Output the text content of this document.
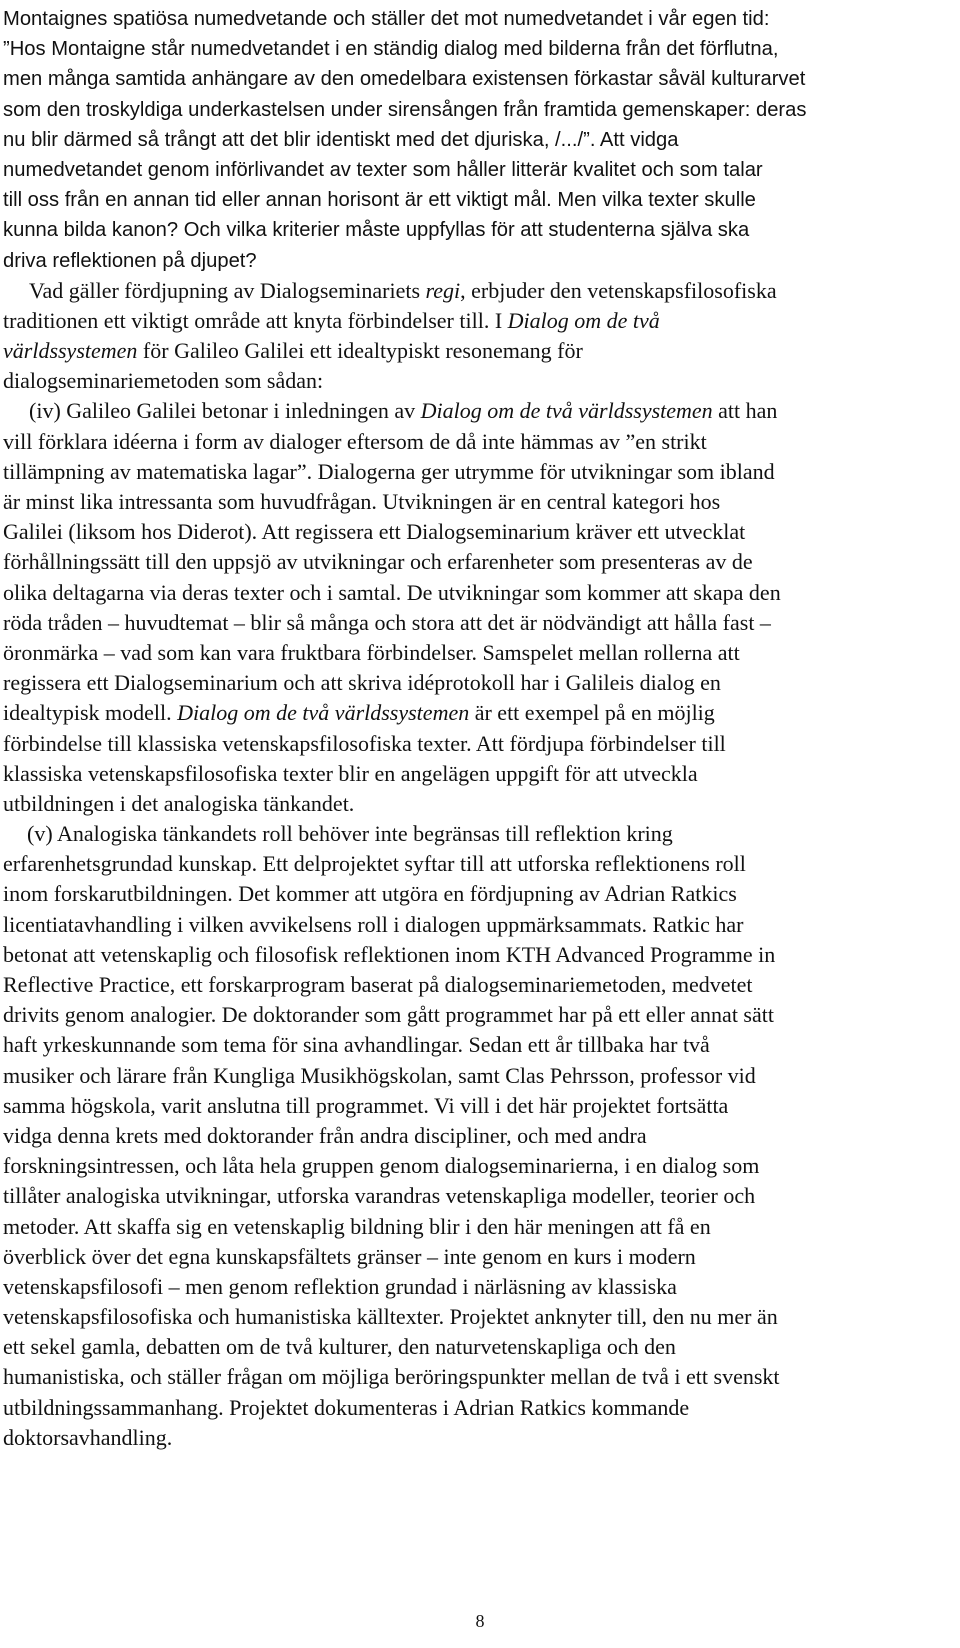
Montaignes spatiösa numedvetande och ställer det mot numedvetandet i vår egen tid:
”Hos Montaigne står numedvetandet i en ständig dialog med bilderna från det förflutna,
men många samtida anhängare av den omedelbara existensen förkastar såväl kulturarvet
som den troskyldiga underkastelsen under sirensången från framtida gemenskaper: deras
nu blir därmed så trångt att det blir identiskt med det djuriska, /.../”. Att vidga
numedvetandet genom införlivandet av texter som håller litterär kvalitet och som talar
till oss från en annan tid eller annan horisont är ett viktigt mål. Men vilka texter skulle
kunna bilda kanon? Och vilka kriterier måste uppfyllas för att studenterna själva ska
driva reflektionen på djupet?
Vad gäller fördjupning av Dialogseminariets regi, erbjuder den vetenskapsfilosofiska
traditionen ett viktigt område att knyta förbindelser till. I Dialog om de två
världssystemen för Galileo Galilei ett idealtypiskt resonemang för
dialogseminariemetoden som sådan:
(iv) Galileo Galilei betonar i inledningen av Dialog om de två världssystemen att han
vill förklara idéerna i form av dialoger eftersom de då inte hämmas av ”en strikt
tillämpning av matematiska lagar”. Dialogerna ger utrymme för utvikningar som ibland
är minst lika intressanta som huvudfrågan. Utvikningen är en central kategori hos
Galilei (liksom hos Diderot). Att regissera ett Dialogseminarium kräver ett utvecklat
förhållningssätt till den uppsjö av utvikningar och erfarenheter som presenteras av de
olika deltagarna via deras texter och i samtal. De utvikningar som kommer att skapa den
röda tråden – huvudtemat – blir så många och stora att det är nödvändigt att hålla fast –
öronmärka – vad som kan vara fruktbara förbindelser. Samspelet mellan rollerna att
regissera ett Dialogseminarium och att skriva idéprotokoll har i Galileis dialog en
idealtypisk modell. Dialog om de två världssystemen är ett exempel på en möjlig
förbindelse till klassiska vetenskapsfilosofiska texter. Att fördjupa förbindelser till
klassiska vetenskapsfilosofiska texter blir en angelägen uppgift för att utveckla
utbildningen i det analogiska tänkandet.
(v) Analogiska tänkandets roll behöver inte begränsas till reflektion kring
erfarenhetsgrundad kunskap. Ett delprojektet syftar till att utforska reflektionens roll
inom forskarutbildningen. Det kommer att utgöra en fördjupning av Adrian Ratkics
licentiatavhandling i vilken avvikelsens roll i dialogen uppmärksammats. Ratkic har
betonat att vetenskaplig och filosofisk reflektionen inom KTH Advanced Programme in
Reflective Practice, ett forskarprogram baserat på dialogseminariemetoden, medvetet
drivits genom analogier. De doktorander som gått programmet har på ett eller annat sätt
haft yrkeskunnande som tema för sina avhandlingar. Sedan ett år tillbaka har två
musiker och lärare från Kungliga Musikhögskolan, samt Clas Pehrsson, professor vid
samma högskola, varit anslutna till programmet. Vi vill i det här projektet fortsätta
vidga denna krets med doktorander från andra discipliner, och med andra
forskningsintressen, och låta hela gruppen genom dialogseminarierna, i en dialog som
tillåter analogiska utvikningar, utforska varandras vetenskapliga modeller, teorier och
metoder. Att skaffa sig en vetenskaplig bildning blir i den här meningen att få en
överblick över det egna kunskapsfältets gränser – inte genom en kurs i modern
vetenskapsfilosofi – men genom reflektion grundad i närläsning av klassiska
vetenskapsfilosofiska och humanistiska källtexter. Projektet anknyter till, den nu mer än
ett sekel gamla, debatten om de två kulturer, den naturvetenskapliga och den
humanistiska, och ställer frågan om möjliga beröringspunkter mellan de två i ett svenskt
utbildningssammanhang. Projektet dokumenteras i Adrian Ratkics kommande
doktorsavhandling.
8
